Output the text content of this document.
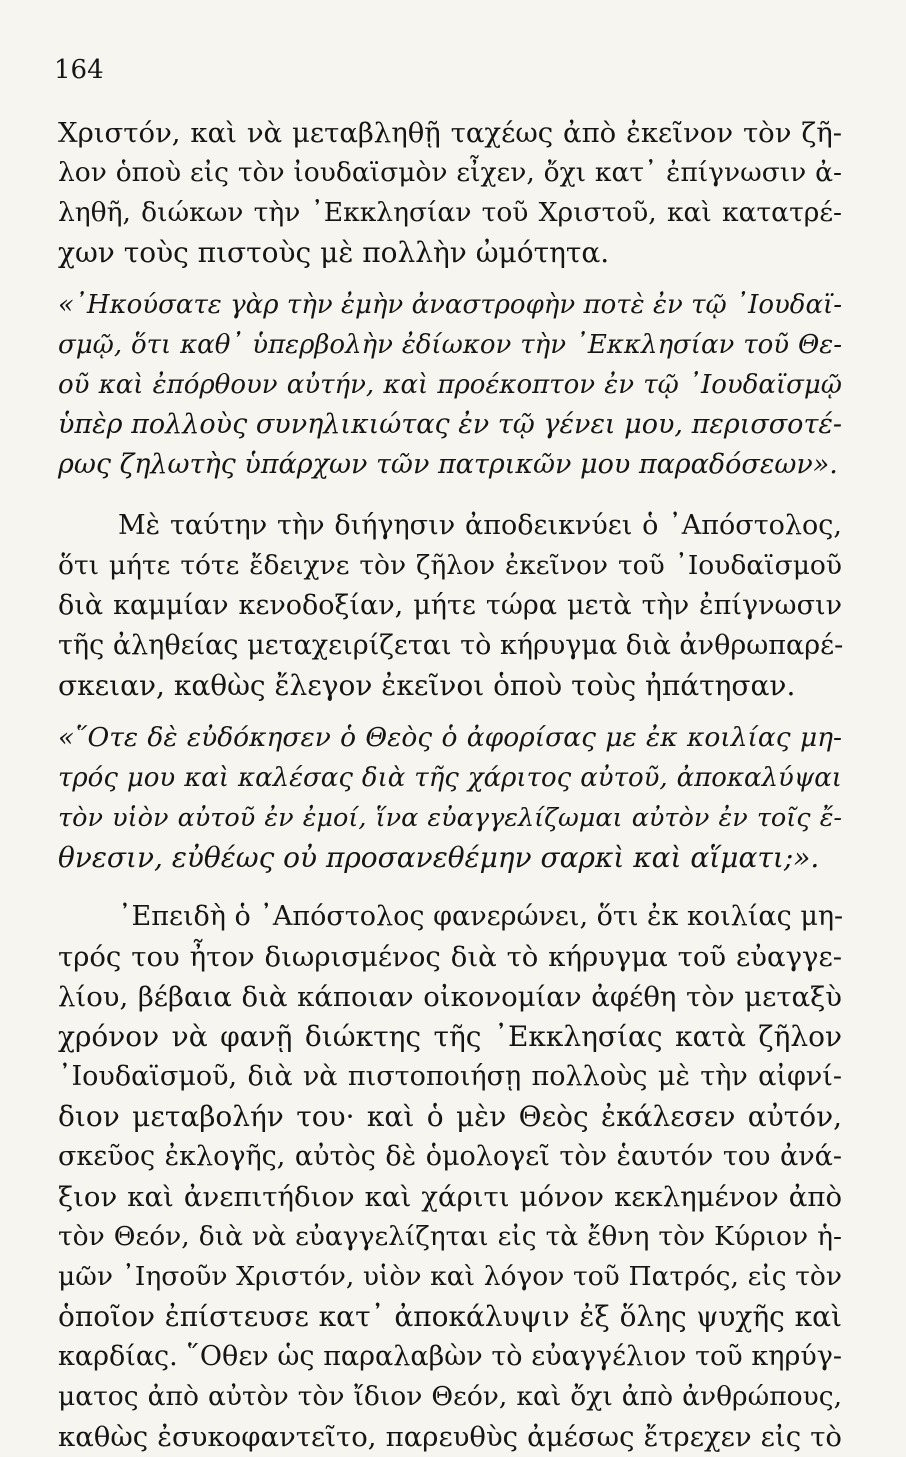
164

Χριστόν, καὶ νὰ μεταβληθῇ ταχέως ἀπὸ ἐκεῖνον τὸν ζῆ-

λον ὁποὺ εἰς τὸν ἰουδαϊσμὸν εἶχεν, ὄχι κατ᾽ ἐπίγνωσιν ἀ-

ληθῆ, διώκων τὴν ᾿Εκκλησίαν τοῦ Χριστοῦ, καὶ κατατρέ-

χων τοὺς πιστοὺς μὲ πολλὴν ὠμότητα.

«᾿Ηκούσατε γὰρ τὴν ἐμὴν ἀναστροφὴν ποτὲ ἐν τῷ ᾿Ιουδαϊ-

σμῷ, ὅτι καθ᾽ ὑπερβολὴν ἐδίωκον τὴν ᾿Εκκλησίαν τοῦ Θε-

οῦ καὶ ἐπόρθουν αὐτήν, καὶ προέκοπτον ἐν τῷ ᾿Ιουδαϊσμῷ

ὑπὲρ πολλοὺς συνηλικιώτας ἐν τῷ γένει μου, περισσοτέ-

ρως ζηλωτὴς ὑπάρχων τῶν πατρικῶν μου παραδόσεων».

Μὲ ταύτην τὴν διήγησιν ἀποδεικνύει ὁ ᾿Απόστολος,

ὅτι μήτε τότε ἔδειχνε τὸν ζῆλον ἐκεῖνον τοῦ ᾿Ιουδαϊσμοῦ

διὰ καμμίαν κενοδοξίαν, μήτε τώρα μετὰ τὴν ἐπίγνωσιν

τῆς ἀληθείας μεταχειρίζεται τὸ κήρυγμα διὰ ἀνθρωπαρέ-

σκειαν, καθὼς ἔλεγον ἐκεῖνοι ὁποὺ τοὺς ἠπάτησαν.

«῞Οτε δὲ εὐδόκησεν ὁ Θεὸς ὁ ἀφορίσας με ἐκ κοιλίας μη-

τρός μου καὶ καλέσας διὰ τῆς χάριτος αὐτοῦ, ἀποκαλύψαι

τὸν υἱὸν αὐτοῦ ἐν ἐμοί, ἵνα εὐαγγελίζωμαι αὐτὸν ἐν τοῖς ἔ-

θνεσιν, εὐθέως οὐ προσανεθέμην σαρκὶ καὶ αἵματι;».

᾿Επειδὴ ὁ ᾿Απόστολος φανερώνει, ὅτι ἐκ κοιλίας μη-

τρός του ἦτον διωρισμένος διὰ τὸ κήρυγμα τοῦ εὐαγγε-

λίου, βέβαια διὰ κάποιαν οἰκονομίαν ἀφέθη τὸν μεταξὺ

χρόνον νὰ φανῇ διώκτης τῆς ᾿Εκκλησίας κατὰ ζῆλον

᾿Ιουδαϊσμοῦ, διὰ νὰ πιστοποιήσῃ πολλοὺς μὲ τὴν αἰφνί-

διον μεταβολήν του· καὶ ὁ μὲν Θεὸς ἐκάλεσεν αὐτόν,

σκεῦος ἐκλογῆς, αὐτὸς δὲ ὁμολογεῖ τὸν ἑαυτόν του ἀνά-

ξιον καὶ ἀνεπιτήδιον καὶ χάριτι μόνον κεκλημένον ἀπὸ

τὸν Θεόν, διὰ νὰ εὐαγγελίζηται εἰς τὰ ἔθνη τὸν Κύριον ἡ-

μῶν ᾿Ιησοῦν Χριστόν, υἱὸν καὶ λόγον τοῦ Πατρός, εἰς τὸν

ὁποῖον ἐπίστευσε κατ᾽ ἀποκάλυψιν ἐξ ὅλης ψυχῆς καὶ

καρδίας. ῞Οθεν ὡς παραλαβὼν τὸ εὐαγγέλιον τοῦ κηρύγ-

ματος ἀπὸ αὐτὸν τὸν ἴδιον Θεόν, καὶ ὄχι ἀπὸ ἀνθρώπους,

καθὼς ἐσυκοφαντεῖτο, παρευθὺς ἀμέσως ἔτρεχεν εἰς τὸ
